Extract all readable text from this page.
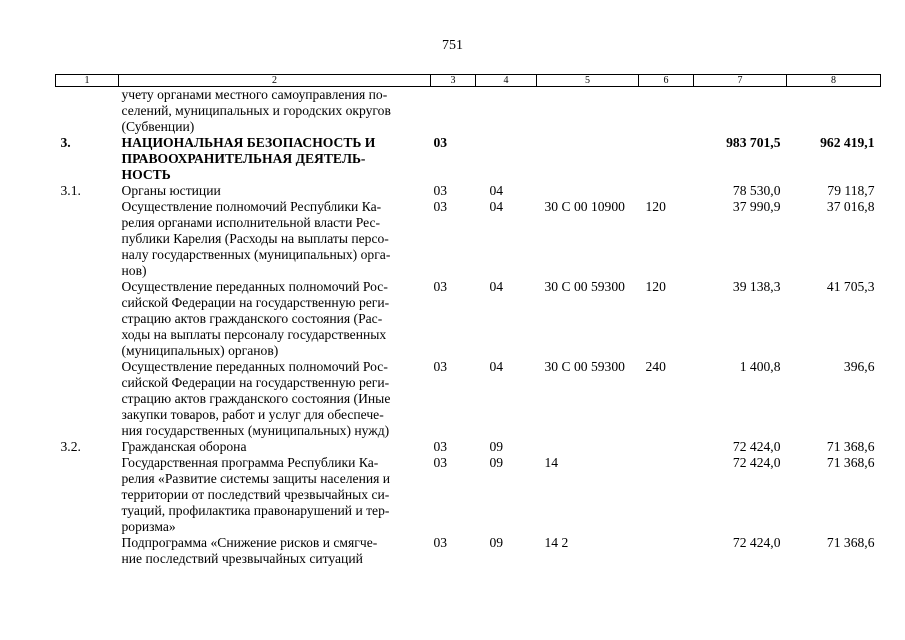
751
1	2	3	4	5	6	7	8
	учету органами местного самоуправления по-
селений, муниципальных и городских округов
(Субвенции)						
3.	НАЦИОНАЛЬНАЯ БЕЗОПАСНОСТЬ И
ПРАВООХРАНИТЕЛЬНАЯ ДЕЯТЕЛЬ-
НОСТЬ	03				983 701,5	962 419,1
3.1.	Органы юстиции	03	04			78 530,0	79 118,7
	Осуществление полномочий Республики Ка-
релия органами исполнительной власти Рес-
публики Карелия (Расходы на выплаты персо-
налу государственных (муниципальных) орга-
нов)	03	04	30 С 00 10900	120	37 990,9	37 016,8
	Осуществление переданных полномочий Рос-
сийской Федерации на государственную реги-
страцию актов гражданского состояния (Рас-
ходы на выплаты персоналу государственных
(муниципальных) органов)	03	04	30 С 00 59300	120	39 138,3	41 705,3
	Осуществление переданных полномочий Рос-
сийской Федерации на государственную реги-
страцию актов гражданского состояния (Иные
закупки товаров, работ и услуг для обеспече-
ния государственных (муниципальных) нужд)	03	04	30 С 00 59300	240	1 400,8	396,6
3.2.	Гражданская оборона	03	09			72 424,0	71 368,6
	Государственная программа Республики Ка-
релия «Развитие системы защиты населения и
территории от последствий чрезвычайных си-
туаций, профилактика правонарушений и тер-
роризма»	03	09	14		72 424,0	71 368,6
	Подпрограмма «Снижение рисков и смягче-
ние последствий чрезвычайных ситуаций	03	09	14 2		72 424,0	71 368,6
